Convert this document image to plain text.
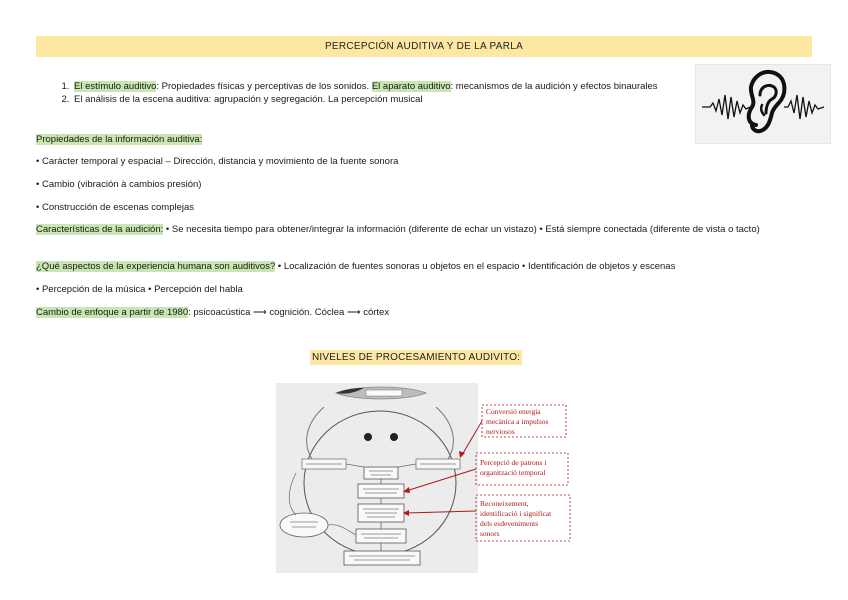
PERCEPCIÓN AUDITIVA Y DE LA PARLA
1. El estímulo auditivo: Propiedades físicas y perceptivas de los sonidos. El aparato auditivo: mecanismos de la audición y efectos binaurales
2. El análisis de la escena auditiva: agrupación y segregación. La percepción musical

Propiedades de la información auditiva:

• Carácter temporal y espacial – Dirección, distancia y movimiento de la fuente sonora

• Cambio (vibración à cambios presión)

• Construcción de escenas complejas

Características de la audición: • Se necesita tiempo para obtener/integrar la información (diferente de echar un vistazo) • Está siempre conectada (diferente de vista o tacto)

¿Qué aspectos de la experiencia humana son auditivos? • Localización de fuentes sonoras u objetos en el espacio • Identificación de objetos y escenas

• Percepción de la música • Percepción del habla

Cambio de enfoque a partir de 1980: psicoacústica ⟶ cognición. Cóclea ⟶ córtex

NIVELES DE PROCESAMIENTO AUDIVITO:
Conversió energia mecànica a impulsos nerviosos
Percepció de patrons i organització temporal
Reconeixement, identificació i significat dels esdeveniments sonors
